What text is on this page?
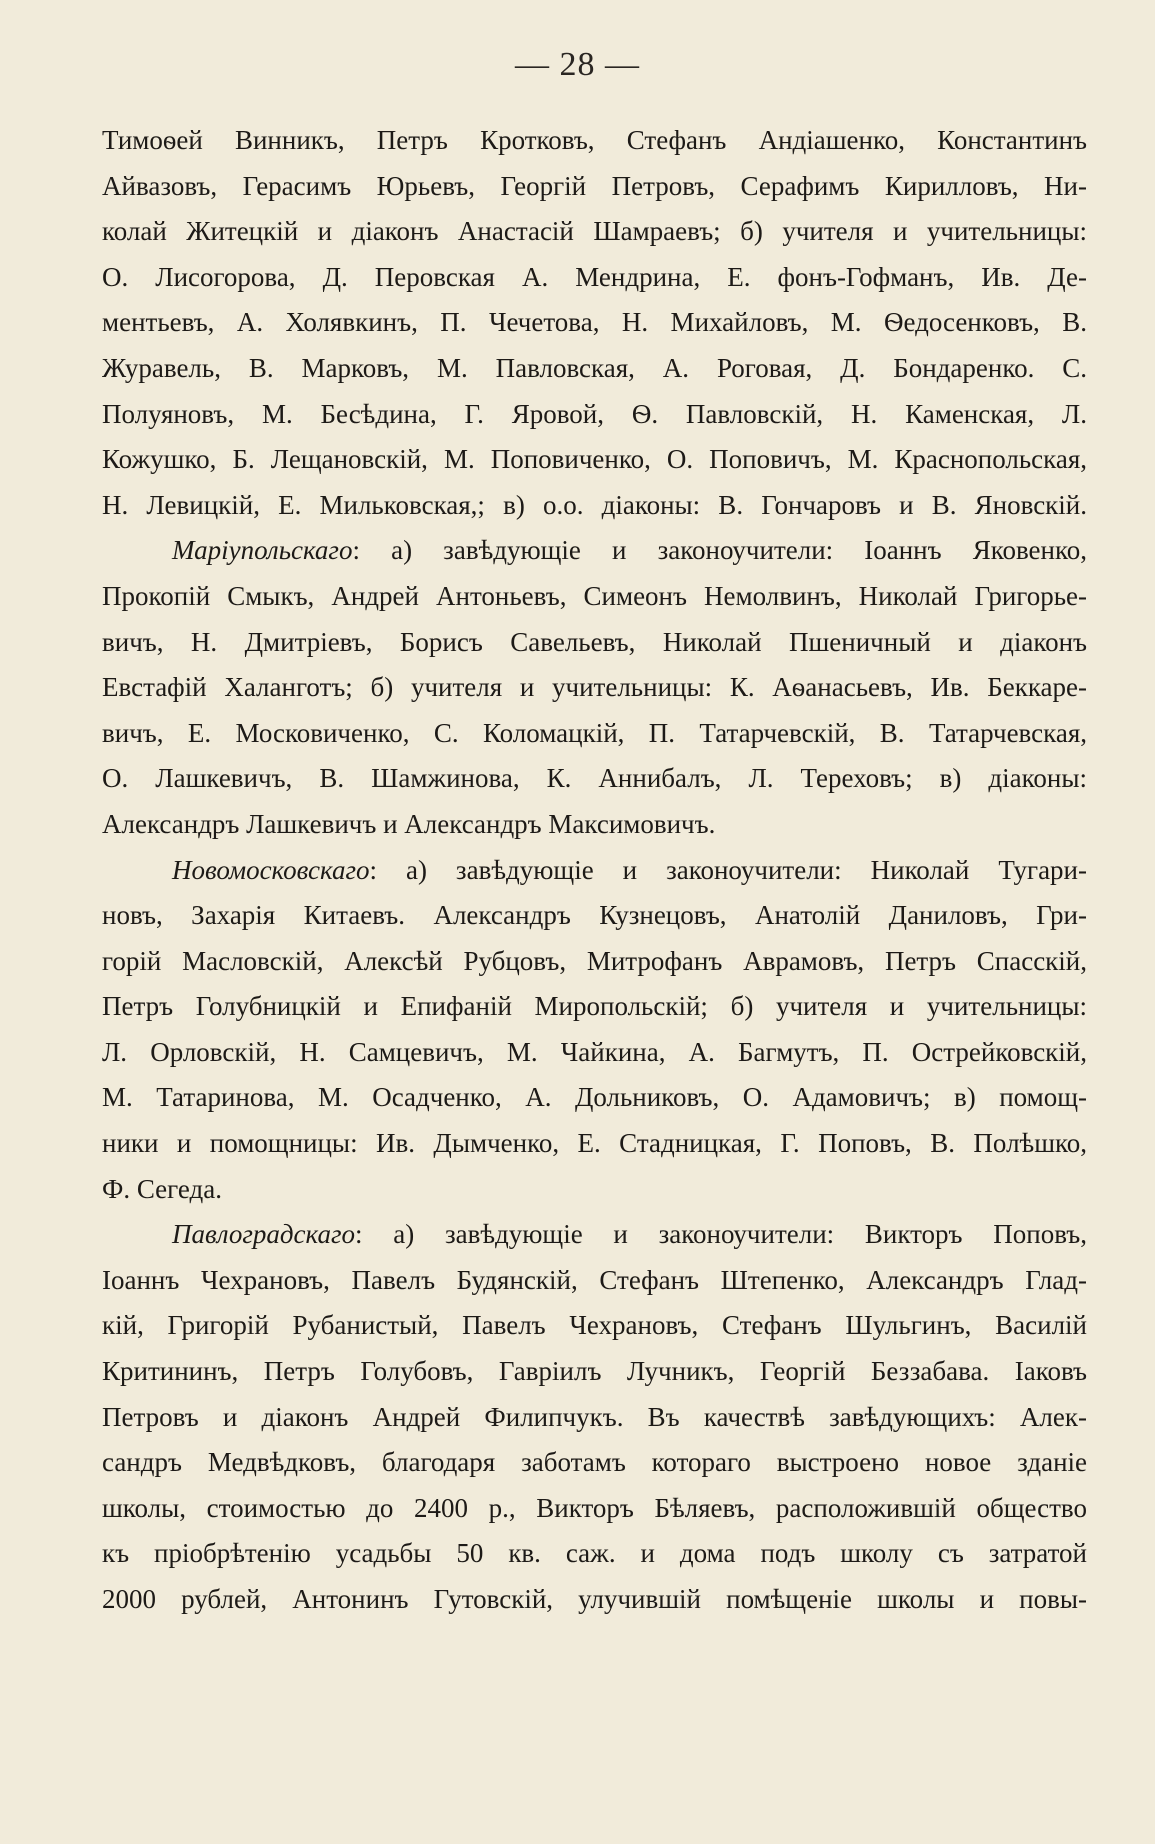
— 28 —
Тимоѳей Винникъ, Петръ Кротковъ, Стефанъ Андіашенко, Константинъ
Айвазовъ, Герасимъ Юрьевъ, Георгій Петровъ, Серафимъ Кирилловъ, Ни-
колай Житецкій и діаконъ Анастасій Шамраевъ; б) учителя и учительницы:
О. Лисогорова, Д. Перовская А. Мендрина, Е. фонъ-Гофманъ, Ив. Де-
ментьевъ, А. Холявкинъ, П. Чечетова, Н. Михайловъ, М. Ѳедосенковъ, В.
Журавель, В. Марковъ, М. Павловская, А. Роговая, Д. Бондаренко. С.
Полуяновъ, М. Бесѣдина, Г. Яровой, Ѳ. Павловскій, Н. Каменская, Л.
Кожушко, Б. Лещановскій, М. Поповиченко, О. Поповичъ, М. Краснопольская,
Н. Левицкій, Е. Мильковская,; в) о.о. діаконы: В. Гончаровъ и В. Яновскій.
Маріупольскаго: а) завѣдующіе и законоучители: Іоаннъ Яковенко,
Прокопій Смыкъ, Андрей Антоньевъ, Симеонъ Немолвинъ, Николай Григорье-
вичъ, Н. Дмитріевъ, Борисъ Савельевъ, Николай Пшеничный и діаконъ
Евстафій Халанготъ; б) учителя и учительницы: К. Аѳанасьевъ, Ив. Беккаре-
вичъ, Е. Московиченко, С. Коломацкій, П. Татарчевскій, В. Татарчевская,
О. Лашкевичъ, В. Шамжинова, К. Аннибалъ, Л. Тереховъ; в) діаконы:
Александръ Лашкевичъ и Александръ Максимовичъ.
Новомосковскаго: а) завѣдующіе и законоучители: Николай Тугари-
новъ, Захарія Китаевъ. Александръ Кузнецовъ, Анатолій Даниловъ, Гри-
горій Масловскій, Алексѣй Рубцовъ, Митрофанъ Аврамовъ, Петръ Спасскій,
Петръ Голубницкій и Епифаній Миропольскій; б) учителя и учительницы:
Л. Орловскій, Н. Самцевичъ, М. Чайкина, А. Багмутъ, П. Острейковскій,
М. Татаринова, М. Осадченко, А. Дольниковъ, О. Адамовичъ; в) помощ-
ники и помощницы: Ив. Дымченко, Е. Стадницкая, Г. Поповъ, В. Полѣшко,
Ф. Сегеда.
Павлоградскаго: а) завѣдующіе и законоучители: Викторъ Поповъ,
Іоаннъ Чехрановъ, Павелъ Будянскій, Стефанъ Штепенко, Александръ Глад-
кій, Григорій Рубанистый, Павелъ Чехрановъ, Стефанъ Шульгинъ, Василій
Критининъ, Петръ Голубовъ, Гавріилъ Лучникъ, Георгій Беззабава. Іаковъ
Петровъ и діаконъ Андрей Филипчукъ. Въ качествѣ завѣдующихъ: Алек-
сандръ Медвѣдковъ, благодаря заботамъ котораго выстроено новое зданіе
школы, стоимостью до 2400 р., Викторъ Бѣляевъ, расположившій общество
къ пріобрѣтенію усадьбы 50 кв. саж. и дома подъ школу съ затратой
2000 рублей, Антонинъ Гутовскій, улучившій помѣщеніе школы и повы-
